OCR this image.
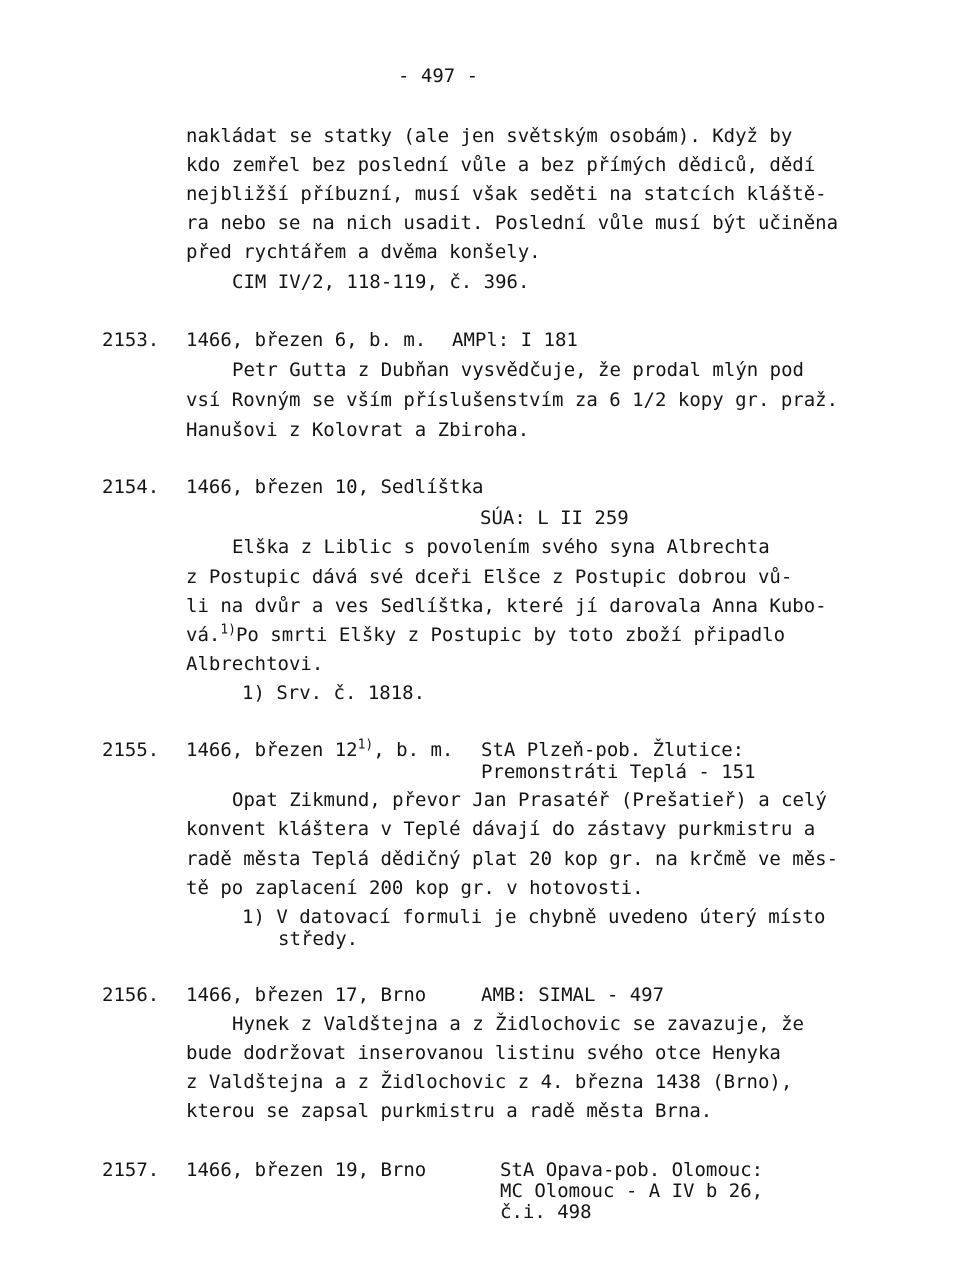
- 497 -
nakládat se statky (ale jen světským osobám). Když by
kdo zemřel bez poslední vůle a bez přímých dědiců, dědí
nejbližší příbuzní, musí však seděti na statcích kláště-
ra nebo se na nich usadit. Poslední vůle musí být učiněna
před rychtářem a dvěma konšely.
CIM IV/2, 118-119, č. 396.
2153. 1466, březen 6, b. m. AMPl: I 181
Petr Gutta z Dubňan vysvědčuje, že prodal mlýn pod
vsí Rovným se vším příslušenstvím za 6 1/2 kopy gr. praž.
Hanušovi z Kolovrat a Zbiroha.
2154. 1466, březen 10, Sedlíštka
SÚA: L II 259
Elška z Liblic s povolením svého syna Albrechta
z Postupic dává své dceři Elšce z Postupic dobrou vů-
li na dvůr a ves Sedlíštka, které jí darovala Anna Kubo-
vá.$^{1)}$Po smrti Elšky z Postupic by toto zboží připadlo
Albrechtovi.
1) Srv. č. 1818.
2155. 1466, březen 12$^{1)}$, b. m. StA Plzeň-pob. Žlutice:
Premonstráti Teplá - 151
Opat Zikmund, převor Jan Prasatéř (Prešatieř) a celý
konvent kláštera v Teplé dávají do zástavy purkmistru a
radě města Teplá dědičný plat 20 kop gr. na krčmě ve měs-
tě po zaplacení 200 kop gr. v hotovosti.
1) V datovací formuli je chybně uvedeno úterý místo
středy.
2156. 1466, březen 17, Brno	AMB: SIMAL - 497
Hynek z Valdštejna a z Židlochovic se zavazuje, že
bude dodržovat inserovanou listinu svého otce Henyka
z Valdštejna a z Židlochovic z 4. března 1438 (Brno),
kterou se zapsal purkmistru a radě města Brna.
2157. 1466, březen 19, Brno	StA Opava-pob. Olomouc:
MC Olomouc - A IV b 26,
č.i. 498
